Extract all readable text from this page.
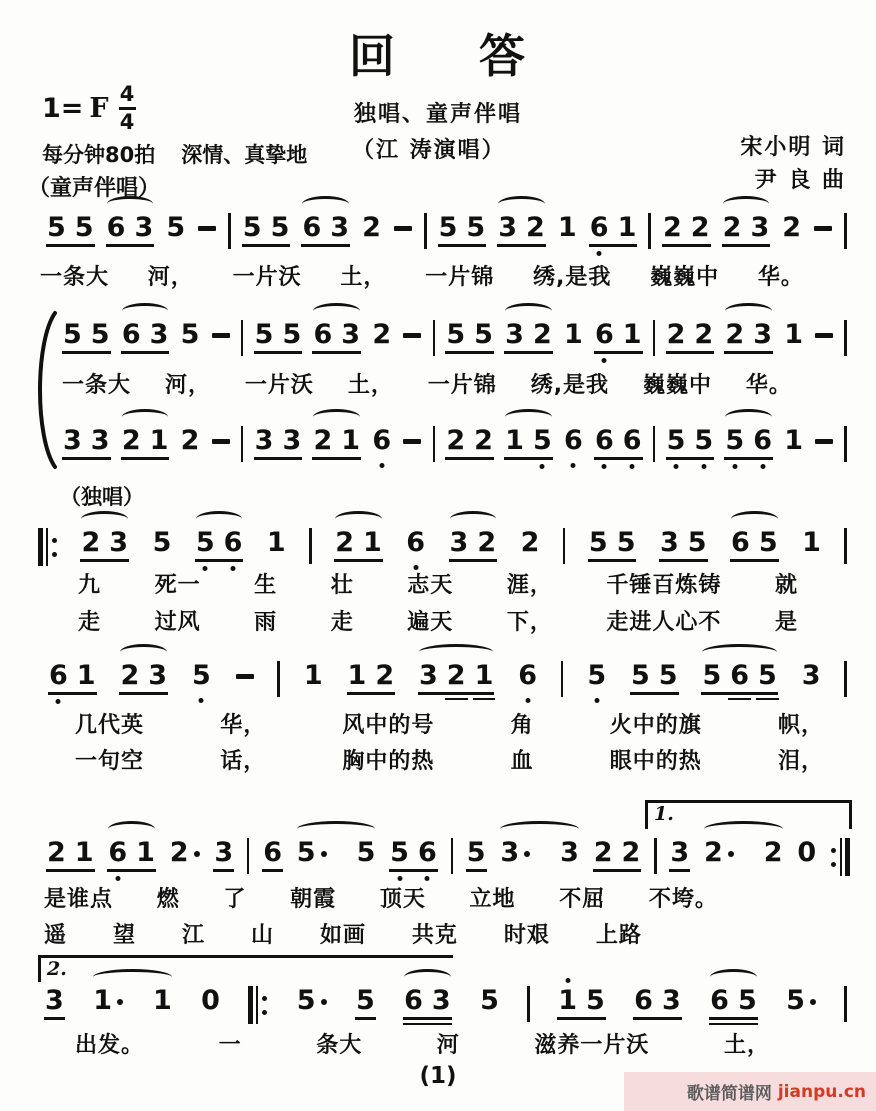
回 答
独唱、童声伴唱
（江 涛演唱）
1= F $\frac{4}{4}$
每分钟80拍 深情、真挚地
（童声伴唱）
宋小明 词
尹 良 曲
5 5 6 3 5 5 5 6 3 2 5 5 3 2 1 6 1 2 2 2 3 2
一条大 河， 一片沃 土， 一片锦 绣,是我 巍巍中 华。
5 5 6 3 5 5 5 6 3 2 5 5 3 2 1 6 1 2 2 2 3 1
一条大 河， 一片沃 土， 一片锦 绣,是我 巍巍中 华。
3 3 2 1 2 3 3 2 1 6 2 2 1 5 6 6 6 5 5 5 6 1
（独唱）
2 3 5 5 6 1 2 1 6 3 2 2 5 5 3 5 6 5 1
九 死一 生 壮 志天 涯， 千锤百炼铸 就
走 过风 雨 走 遍天 下， 走进人心不 是
6 1 2 3 5	1 1 2 3 2 1 6 5 5 5 5 6 5 3
几代英	华，	风中的号	角	火中的旗	帜，
一句空	话，	胸中的热	血	眼中的热	泪，
1.
2 1 6 1 2 3 6 5 5 5 6 5 3 3 2 2 3 2 2 0
是谁点 燃 了 朝霞 顶天 立地 不屈 不垮。
遥 望 江 山 如画 共克 时艰 上路
2.
3 1 1 0	5 5 6 3 5 1 5 6 3 6 5 5
出发。	一	条大	河	滋养一片沃	土，
(1)
歌谱简谱网 jianpu.cn
